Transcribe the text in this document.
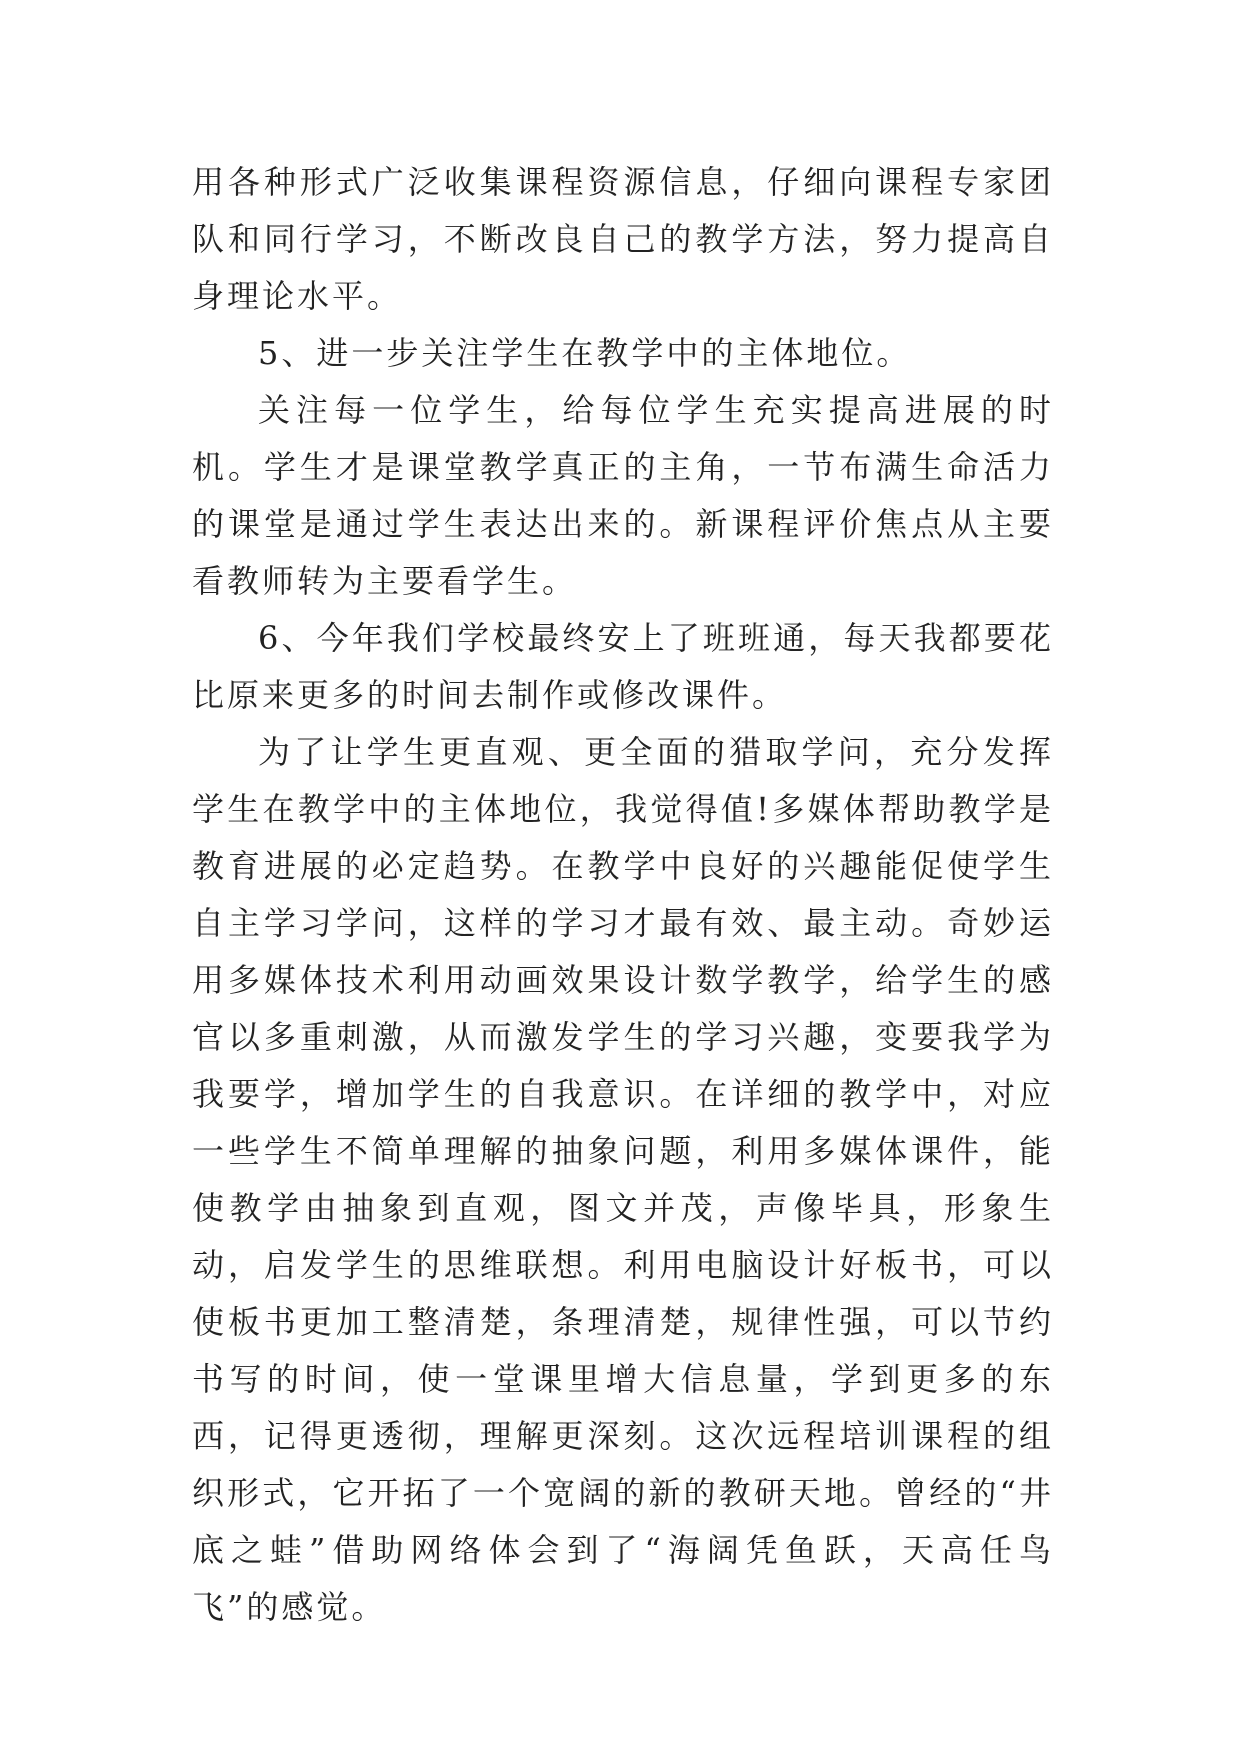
用各种形式广泛收集课程资源信息，仔细向课程专家团队和同行学习，不断改良自己的教学方法，努力提高自身理论水平。

5、进一步关注学生在教学中的主体地位。

关注每一位学生，给每位学生充实提高进展的时机。学生才是课堂教学真正的主角，一节布满生命活力的课堂是通过学生表达出来的。新课程评价焦点从主要看教师转为主要看学生。

6、今年我们学校最终安上了班班通，每天我都要花比原来更多的时间去制作或修改课件。

为了让学生更直观、更全面的猎取学问，充分发挥学生在教学中的主体地位，我觉得值!多媒体帮助教学是教育进展的必定趋势。在教学中良好的兴趣能促使学生自主学习学问，这样的学习才最有效、最主动。奇妙运用多媒体技术利用动画效果设计数学教学，给学生的感官以多重刺激，从而激发学生的学习兴趣，变要我学为我要学，增加学生的自我意识。在详细的教学中，对应一些学生不简单理解的抽象问题，利用多媒体课件，能使教学由抽象到直观，图文并茂，声像毕具，形象生动，启发学生的思维联想。利用电脑设计好板书，可以使板书更加工整清楚，条理清楚，规律性强，可以节约书写的时间，使一堂课里增大信息量，学到更多的东西，记得更透彻，理解更深刻。这次远程培训课程的组织形式，它开拓了一个宽阔的新的教研天地。曾经的“井底之蛙”借助网络体会到了“海阔凭鱼跃，天高任鸟飞”的感觉。
